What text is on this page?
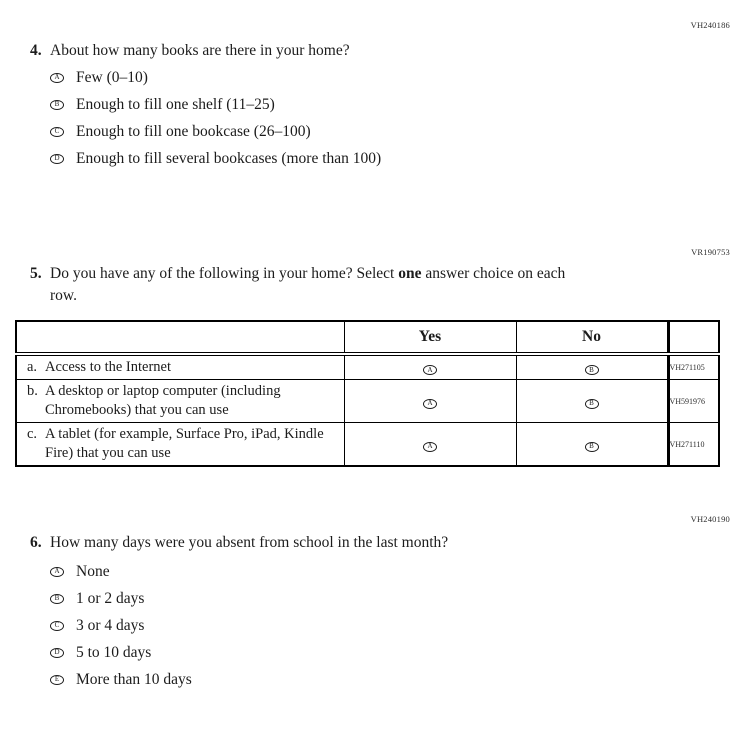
VH240186
4. About how many books are there in your home?
A Few (0–10)
B Enough to fill one shelf (11–25)
C Enough to fill one bookcase (26–100)
D Enough to fill several bookcases (more than 100)
VR190753
5. Do you have any of the following in your home? Select one answer choice on each
row.
	Yes	No	

a. Access to the Internet	A	B	VH271105

b. A desktop or laptop computer (including Chromebooks) that you can use	A	B	VH591976

c. A tablet (for example, Surface Pro, iPad, Kindle Fire) that you can use	A	B	VH271110
VH240190
6. How many days were you absent from school in the last month?
A None
B 1 or 2 days
C 3 or 4 days
D 5 to 10 days
E More than 10 days
